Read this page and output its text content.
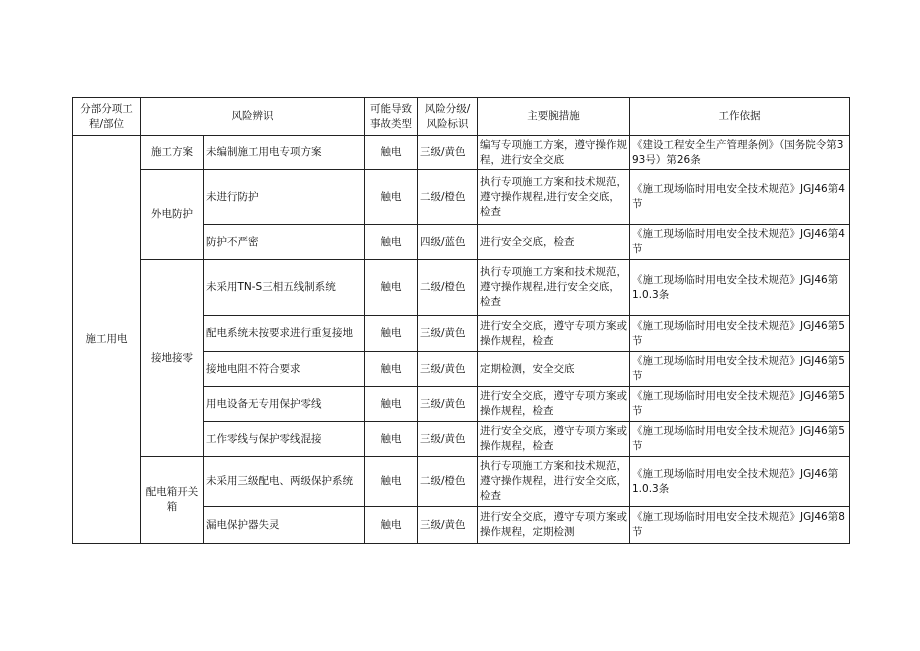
分部分项工程/部位	风险辨识		可能导致事故类型	风险分级/风险标识	主要腕措施	工作依据
施工用电	施工方案	未编制施工用电专项方案	触电	三级/黄色	编写专项施工方案，遵守操作规程，进行安全交底	《建设工程安全生产管理条例》（国务院令第393号）第26条
	外电防护	未进行防护	触电	二级/橙色	执行专项施工方案和技术规范，遵守操作规程,进行安全交底，检查	《施工现场临时用电安全技术规范》JGJ46第4节
		防护不严密	触电	四级/蓝色	进行安全交底，检查	《施工现场临时用电安全技术规范》JGJ46第4节
	接地接零	未采用TN-S三相五线制系统	触电	二级/橙色	执行专项施工方案和技术规范，遵守操作规程,进行安全交底，检查	《施工现场临时用电安全技术规范》JGJ46第1.0.3条
		配电系统未按要求进行重复接地	触电	三级/黄色	进行安全交底，遵守专项方案或操作规程，检查	《施工现场临时用电安全技术规范》JGJ46第5节
		接地电阻不符合要求	触电	三级/黄色	定期检测，安全交底	《施工现场临时用电安全技术规范》JGJ46第5节
		用电设备无专用保护零线	触电	三级/黄色	进行安全交底，遵守专项方案或操作规程，检查	《施工现场临时用电安全技术规范》JGJ46第5节
		工作零线与保护零线混接	触电	三级/黄色	进行安全交底，遵守专项方案或操作规程，检查	《施工现场临时用电安全技术规范》JGJ46第5节
	配电箱开关箱	未采用三级配电、两级保护系统	触电	二级/橙色	执行专项施工方案和技术规范，遵守操作规程，进行安全交底，检查	《施工现场临时用电安全技术规范》JGJ46第1.0.3条
		漏电保护器失灵	触电	三级/黄色	进行安全交底，遵守专项方案或操作规程，定期检测	《施工现场临时用电安全技术规范》JGJ46第8节
